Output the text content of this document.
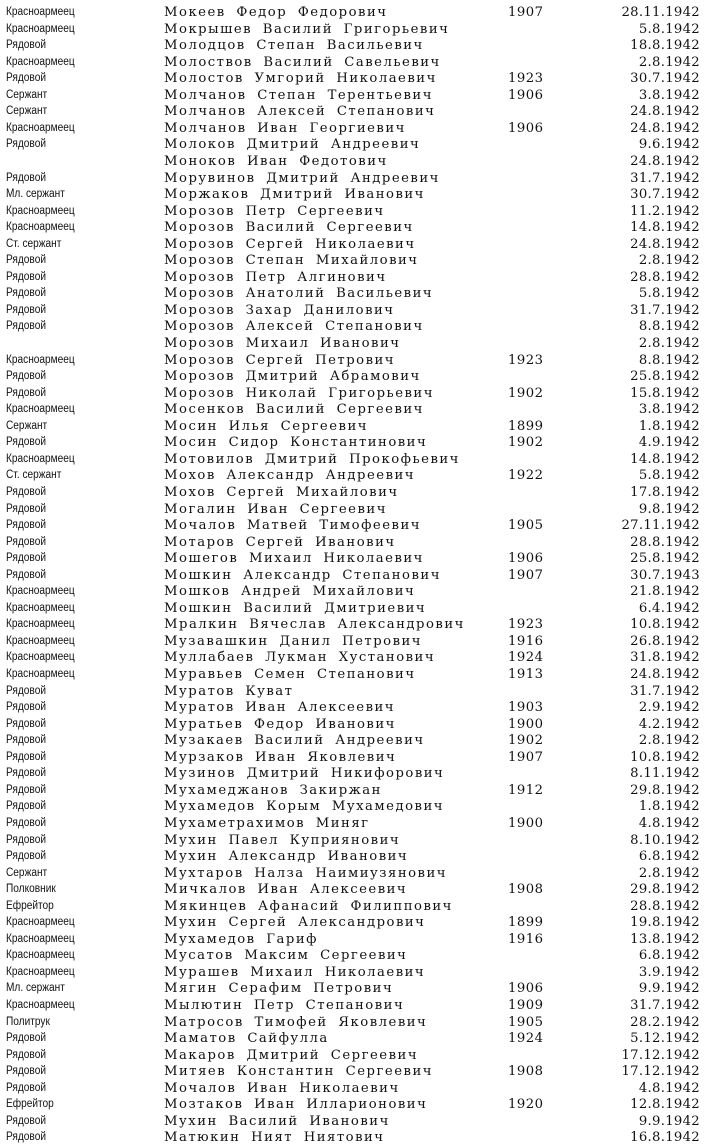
Красноармеец	Мокеев Федор Федорович	1907	28.11.1942
Красноармеец	Мокрышев Василий Григорьевич	5.8.1942
Рядовой	Молодцов Степан Васильевич	18.8.1942
Красноармеец	Молоствов Василий Савельевич	2.8.1942
Рядовой	Молостов Умгорий Николаевич	1923	30.7.1942
Сержант	Молчанов Степан Терентьевич	1906	3.8.1942
Сержант	Молчанов Алексей Степанович	24.8.1942
Красноармеец	Молчанов Иван Георгиевич	1906	24.8.1942
Рядовой	Молоков Дмитрий Андреевич	9.6.1942
Моноков Иван Федотович	24.8.1942
Рядовой	Морувинов Дмитрий Андреевич	31.7.1942
Мл. сержант	Моржаков Дмитрий Иванович	30.7.1942
Красноармеец	Морозов Петр Сергеевич	11.2.1942
Красноармеец	Морозов Василий Сергеевич	14.8.1942
Ст. сержант	Морозов Сергей Николаевич	24.8.1942
Рядовой	Морозов Степан Михайлович	2.8.1942
Рядовой	Морозов Петр Алгинович	28.8.1942
Рядовой	Морозов Анатолий Васильевич	5.8.1942
Рядовой	Морозов Захар Данилович	31.7.1942
Рядовой	Морозов Алексей Степанович	8.8.1942
Морозов Михаил Иванович	2.8.1942
Красноармеец	Морозов Сергей Петрович	1923	8.8.1942
Рядовой	Морозов Дмитрий Абрамович	25.8.1942
Рядовой	Морозов Николай Григорьевич	1902	15.8.1942
Красноармеец	Мосенков Василий Сергеевич	3.8.1942
Сержант	Мосин Илья Сергеевич	1899	1.8.1942
Рядовой	Мосин Сидор Константинович	1902	4.9.1942
Красноармеец	Мотовилов Дмитрий Прокофьевич	14.8.1942
Ст. сержант	Мохов Александр Андреевич	1922	5.8.1942
Рядовой	Мохов Сергей Михайлович	17.8.1942
Рядовой	Могалин Иван Сергеевич	9.8.1942
Рядовой	Мочалов Матвей Тимофеевич	1905	27.11.1942
Рядовой	Мотаров Сергей Иванович	28.8.1942
Рядовой	Мошегов Михаил Николаевич	1906	25.8.1942
Рядовой	Мошкин Александр Степанович	1907	30.7.1943
Красноармеец	Мошков Андрей Михайлович	21.8.1942
Красноармеец	Мошкин Василий Дмитриевич	6.4.1942
Красноармеец	Мралкин Вячеслав Александрович	1923	10.8.1942
Красноармеец	Музавашкин Данил Петрович	1916	26.8.1942
Красноармеец	Муллабаев Лукман Хустанович	1924	31.8.1942
Красноармеец	Муравьев Семен Степанович	1913	24.8.1942
Рядовой	Муратов Куват	31.7.1942
Рядовой	Муратов Иван Алексеевич	1903	2.9.1942
Рядовой	Муратьев Федор Иванович	1900	4.2.1942
Рядовой	Музакаев Василий Андреевич	1902	2.8.1942
Рядовой	Мурзаков Иван Яковлевич	1907	10.8.1942
Рядовой	Музинов Дмитрий Никифорович	8.11.1942
Рядовой	Мухамеджанов Закиржан	1912	29.8.1942
Рядовой	Мухамедов Корым Мухамедович	1.8.1942
Рядовой	Мухаметрахимов Миняг	1900	4.8.1942
Рядовой	Мухин Павел Куприянович	8.10.1942
Рядовой	Мухин Александр Иванович	6.8.1942
Сержант	Мухтаров Налза Наимиузянович	2.8.1942
Полковник	Мичкалов Иван Алексеевич	1908	29.8.1942
Ефрейтор	Мякинцев Афанасий Филиппович	28.8.1942
Красноармеец	Мухин Сергей Александрович	1899	19.8.1942
Красноармеец	Мухамедов Гариф	1916	13.8.1942
Красноармеец	Мусатов Максим Сергеевич	6.8.1942
Красноармеец	Мурашев Михаил Николаевич	3.9.1942
Мл. сержант	Мягин Серафим Петрович	1906	9.9.1942
Красноармеец	Мылютин Петр Степанович	1909	31.7.1942
Политрук	Матросов Тимофей Яковлевич	1905	28.2.1942
Рядовой	Маматов Сайфулла	1924	5.12.1942
Рядовой	Макаров Дмитрий Сергеевич	17.12.1942
Рядовой	Митяев Константин Сергеевич	1908	17.12.1942
Рядовой	Мочалов Иван Николаевич	4.8.1942
Ефрейтор	Мозтаков Иван Илларионович	1920	12.8.1942
Рядовой	Мухин Василий Иванович	9.9.1942
Рядовой	Матюкин Ният Ниятович	16.8.1942
